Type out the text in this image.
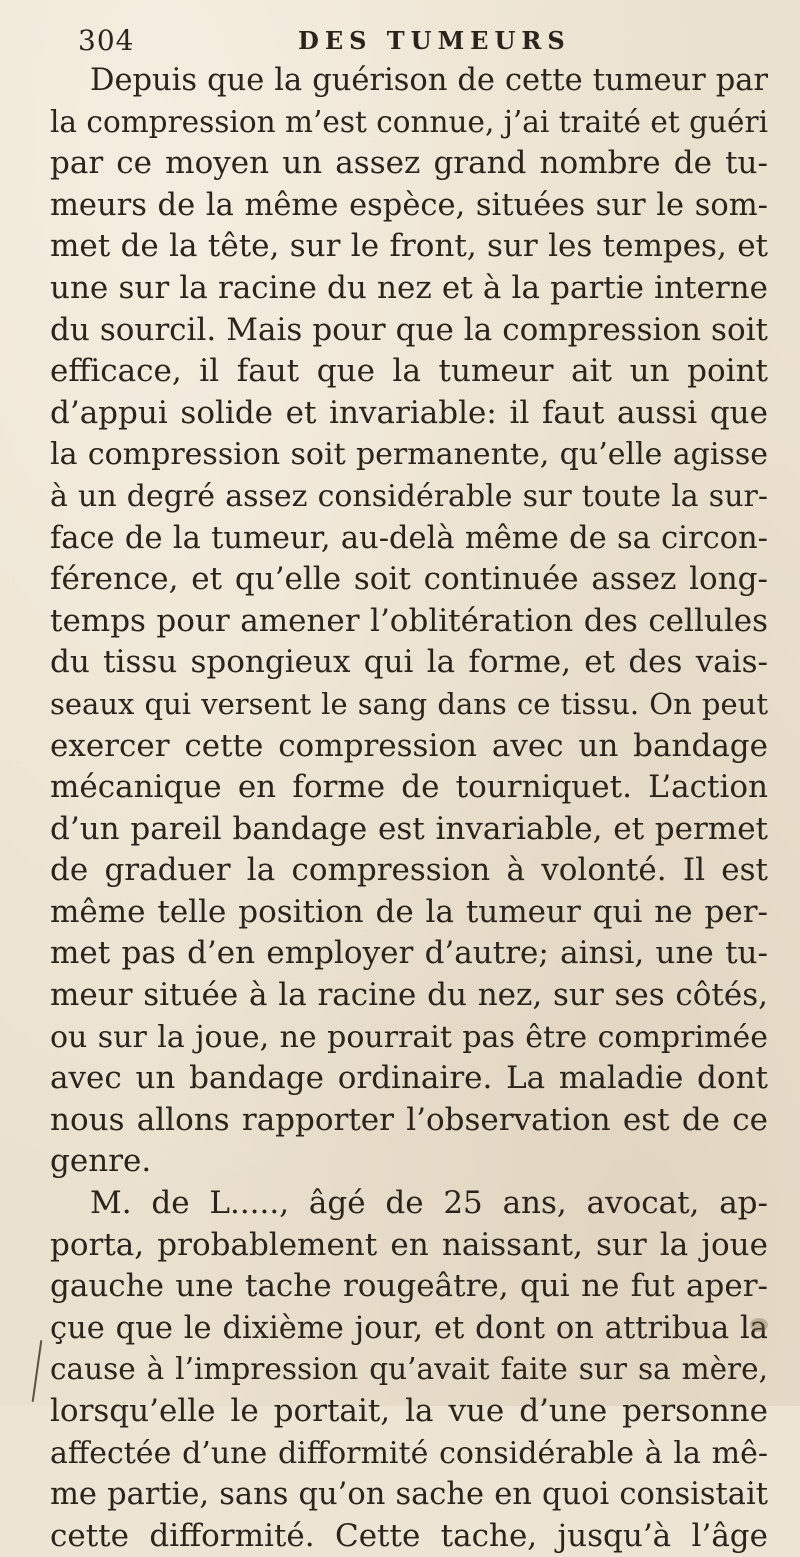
304	DES TUMEURS
Depuis que la guérison de cette tumeur par
la compression m’est connue, j’ai traité et guéri
par ce moyen un assez grand nombre de tu-
meurs de la même espèce, situées sur le som-
met de la tête, sur le front, sur les tempes, et
une sur la racine du nez et à la partie interne
du sourcil. Mais pour que la compression soit
efficace, il faut que la tumeur ait un point
d’appui solide et invariable: il faut aussi que
la compression soit permanente, qu’elle agisse
à un degré assez considérable sur toute la sur-
face de la tumeur, au-delà même de sa circon-
férence, et qu’elle soit continuée assez long-
temps pour amener l’oblitération des cellules
du tissu spongieux qui la forme, et des vais-
seaux qui versent le sang dans ce tissu. On peut
exercer cette compression avec un bandage
mécanique en forme de tourniquet. L’action
d’un pareil bandage est invariable, et permet
de graduer la compression à volonté. Il est
même telle position de la tumeur qui ne per-
met pas d’en employer d’autre; ainsi, une tu-
meur située à la racine du nez, sur ses côtés,
ou sur la joue, ne pourrait pas être comprimée
avec un bandage ordinaire. La maladie dont
nous allons rapporter l’observation est de ce
genre.
M. de L....., âgé de 25 ans, avocat, ap-
porta, probablement en naissant, sur la joue
gauche une tache rougeâtre, qui ne fut aper-
çue que le dixième jour, et dont on attribua la
cause à l’impression qu’avait faite sur sa mère,
lorsqu’elle le portait, la vue d’une personne
affectée d’une difformité considérable à la mê-
me partie, sans qu’on sache en quoi consistait
cette difformité. Cette tache, jusqu’à l’âge
